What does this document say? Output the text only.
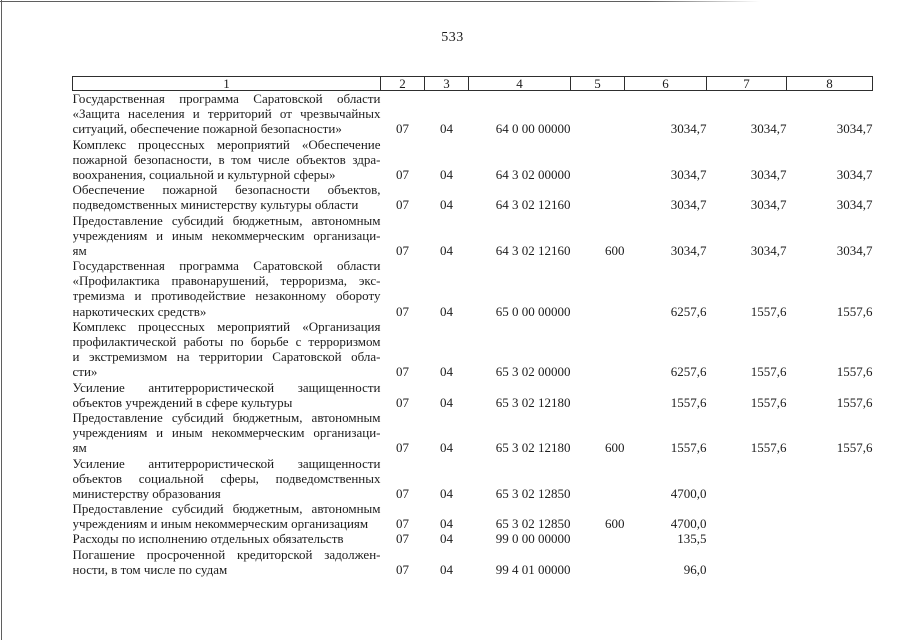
533
1	2	3	4	5	6	7	8

Государственная программа Саратовской области
«Защита населения и территорий от чрезвычайных
ситуаций, обеспечение пожарной безопасности»	07	04	64 0 00 00000		3034,7	3034,7	3034,7

Комплекс процессных мероприятий «Обеспечение
пожарной безопасности, в том числе объектов здра-
воохранения, социальной и культурной сферы»	07	04	64 3 02 00000		3034,7	3034,7	3034,7

Обеспечение пожарной безопасности объектов,
подведомственных министерству культуры области	07	04	64 3 02 12160		3034,7	3034,7	3034,7

Предоставление субсидий бюджетным, автономным
учреждениям и иным некоммерческим организаци-
ям	07	04	64 3 02 12160	600	3034,7	3034,7	3034,7

Государственная программа Саратовской области
«Профилактика правонарушений, терроризма, экс-
тремизма и противодействие незаконному обороту
наркотических средств»	07	04	65 0 00 00000		6257,6	1557,6	1557,6

Комплекс процессных мероприятий «Организация
профилактической работы по борьбе с терроризмом
и экстремизмом на территории Саратовской обла-
сти»	07	04	65 3 02 00000		6257,6	1557,6	1557,6

Усиление антитеррористической защищенности
объектов учреждений в сфере культуры	07	04	65 3 02 12180		1557,6	1557,6	1557,6

Предоставление субсидий бюджетным, автономным
учреждениям и иным некоммерческим организаци-
ям	07	04	65 3 02 12180	600	1557,6	1557,6	1557,6

Усиление антитеррористической защищенности
объектов социальной сферы, подведомственных
министерству образования	07	04	65 3 02 12850		4700,0		

Предоставление субсидий бюджетным, автономным
учреждениям и иным некоммерческим организациям	07	04	65 3 02 12850	600	4700,0		

Расходы по исполнению отдельных обязательств	07	04	99 0 00 00000		135,5		

Погашение просроченной кредиторской задолжен-
ности, в том числе по судам	07	04	99 4 01 00000		96,0		
